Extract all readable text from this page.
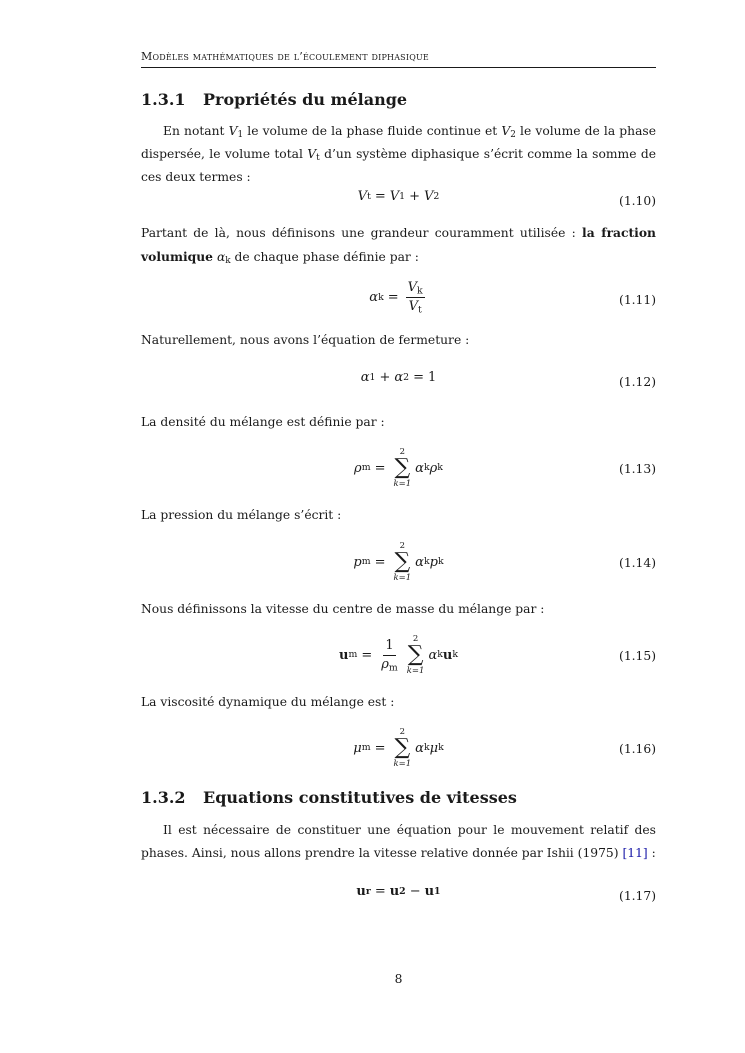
Modèles mathématiques de l’écoulement diphasique
1.3.1 Propriétés du mélange
En notant $V_1$ le volume de la phase fluide continue et $V_2$ le volume de la phase dispersée, le volume total $V_t$ d’un système diphasique s’écrit comme la somme de ces deux termes :
V t = V 1 + V 2	(1.10)
Partant de là, nous définisons une grandeur couramment utilisée : la fraction volumique $\alpha_k$ de chaque phase définie par :
α $k = \frac{V_k}{V_t}$	(1.11)
Naturellement, nous avons l’équation de fermeture :
α 1 + α 2 = 1	(1.12)
La densité du mélange est définie par :
ρ m =
2
∑
k=1
α k ρ k	(1.13)
La pression du mélange s’écrit :
p m =
2
∑
k=1
α k p k	(1.14)
Nous définissons la vitesse du centre de masse du mélange par :
u $m = \frac{1}{\rho_m} 2$
∑
k=1
α k u k	(1.15)
La viscosité dynamique du mélange est :
μ m =
2
∑
k=1
α k μ k	(1.16)
1.3.2 Equations constitutives de vitesses
Il est nécessaire de constituer une équation pour le mouvement relatif des phases. Ainsi, nous allons prendre la vitesse relative donnée par Ishii (1975) [11] :
u r = u 2 − u 1	(1.17)
8
